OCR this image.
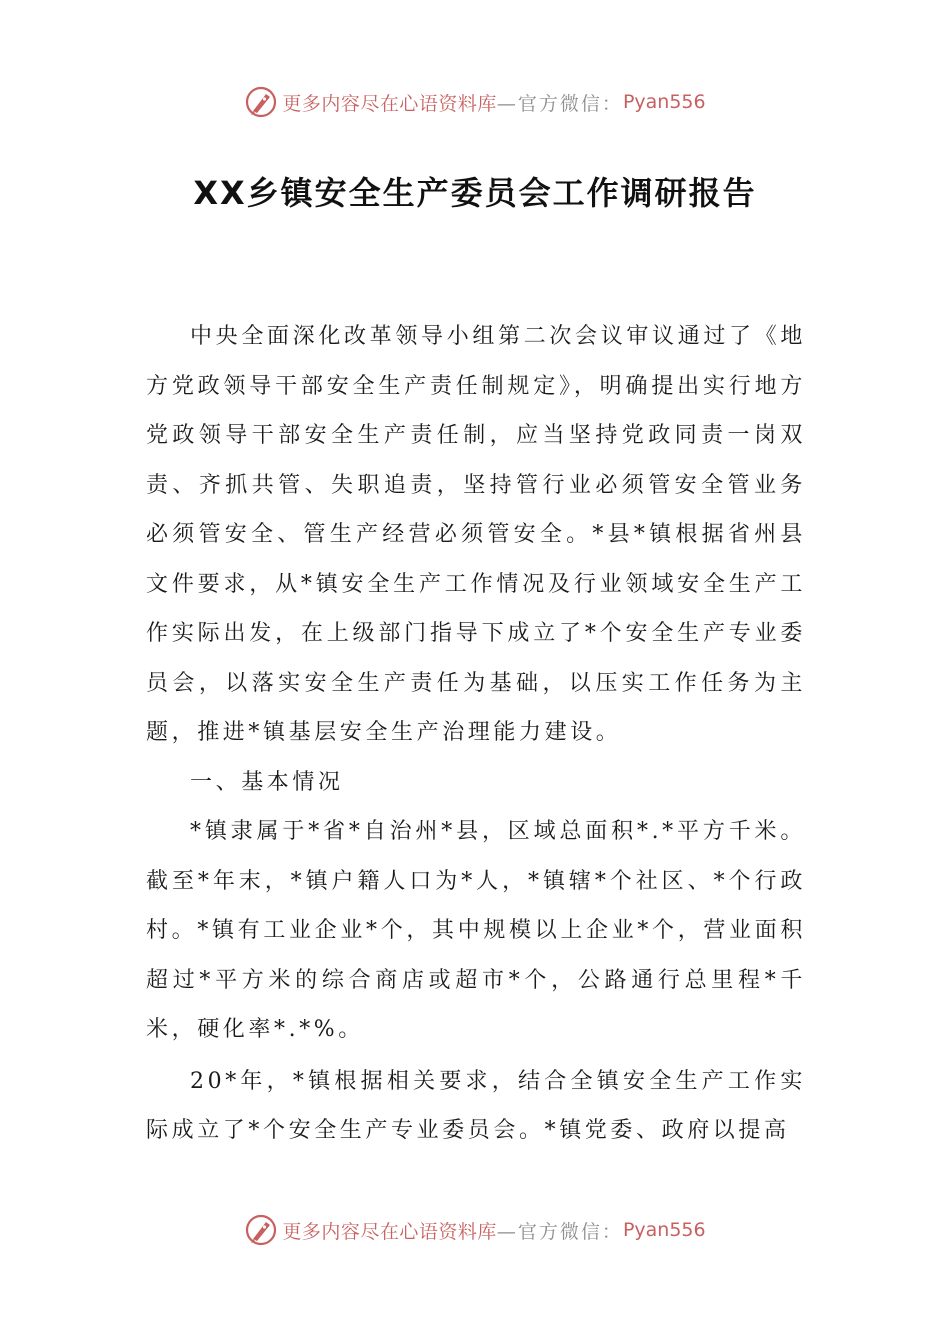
更多内容尽在心语资料库 —官方微信： Pyan556
XX乡镇安全生产委员会工作调研报告

中央全面深化改革领导小组第二次会议审议通过了《地方党政领导干部安全生产责任制规定》，明确提出实行地方党政领导干部安全生产责任制，应当坚持党政同责一岗双责、齐抓共管、失职追责，坚持管行业必须管安全管业务必须管安全、管生产经营必须管安全。*县*镇根据省州县文件要求，从*镇安全生产工作情况及行业领域安全生产工作实际出发，在上级部门指导下成立了*个安全生产专业委员会，以落实安全生产责任为基础，以压实工作任务为主题，推进*镇基层安全生产治理能力建设。

一、基本情况

*镇隶属于*省*自治州*县，区域总面积*.*平方千米。截至*年末，*镇户籍人口为*人，*镇辖*个社区、*个行政村。*镇有工业企业*个，其中规模以上企业*个，营业面积超过*平方米的综合商店或超市*个，公路通行总里程*千米，硬化率*.*%。

20*年，*镇根据相关要求，结合全镇安全生产工作实际成立了*个安全生产专业委员会。*镇党委、政府以提高

更多内容尽在心语资料库 —官方微信： Pyan556
